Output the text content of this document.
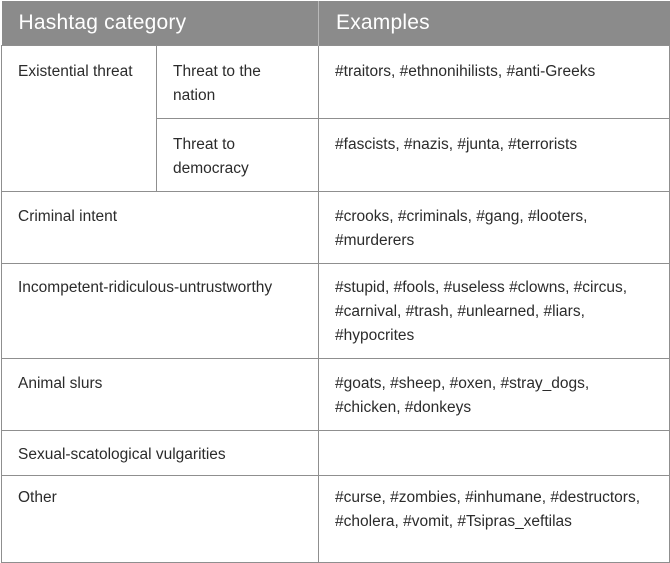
Hashtag category		Examples
Existential threat	Threat to the nation	#traitors, #ethnonihilists, #anti-Greeks
	Threat to democracy	#fascists, #nazis, #junta, #terrorists
Criminal intent		#crooks, #criminals, #gang, #looters, #murderers
Incompetent-ridiculous-untrustworthy		#stupid, #fools, #useless #clowns, #circus, #carnival, #trash, #unlearned, #liars, #hypocrites
Animal slurs		#goats, #sheep, #oxen, #stray_dogs, #chicken, #donkeys
Sexual-scatological vulgarities		
Other		#curse, #zombies, #inhumane, #destructors, #cholera, #vomit, #Tsipras_xeftilas
